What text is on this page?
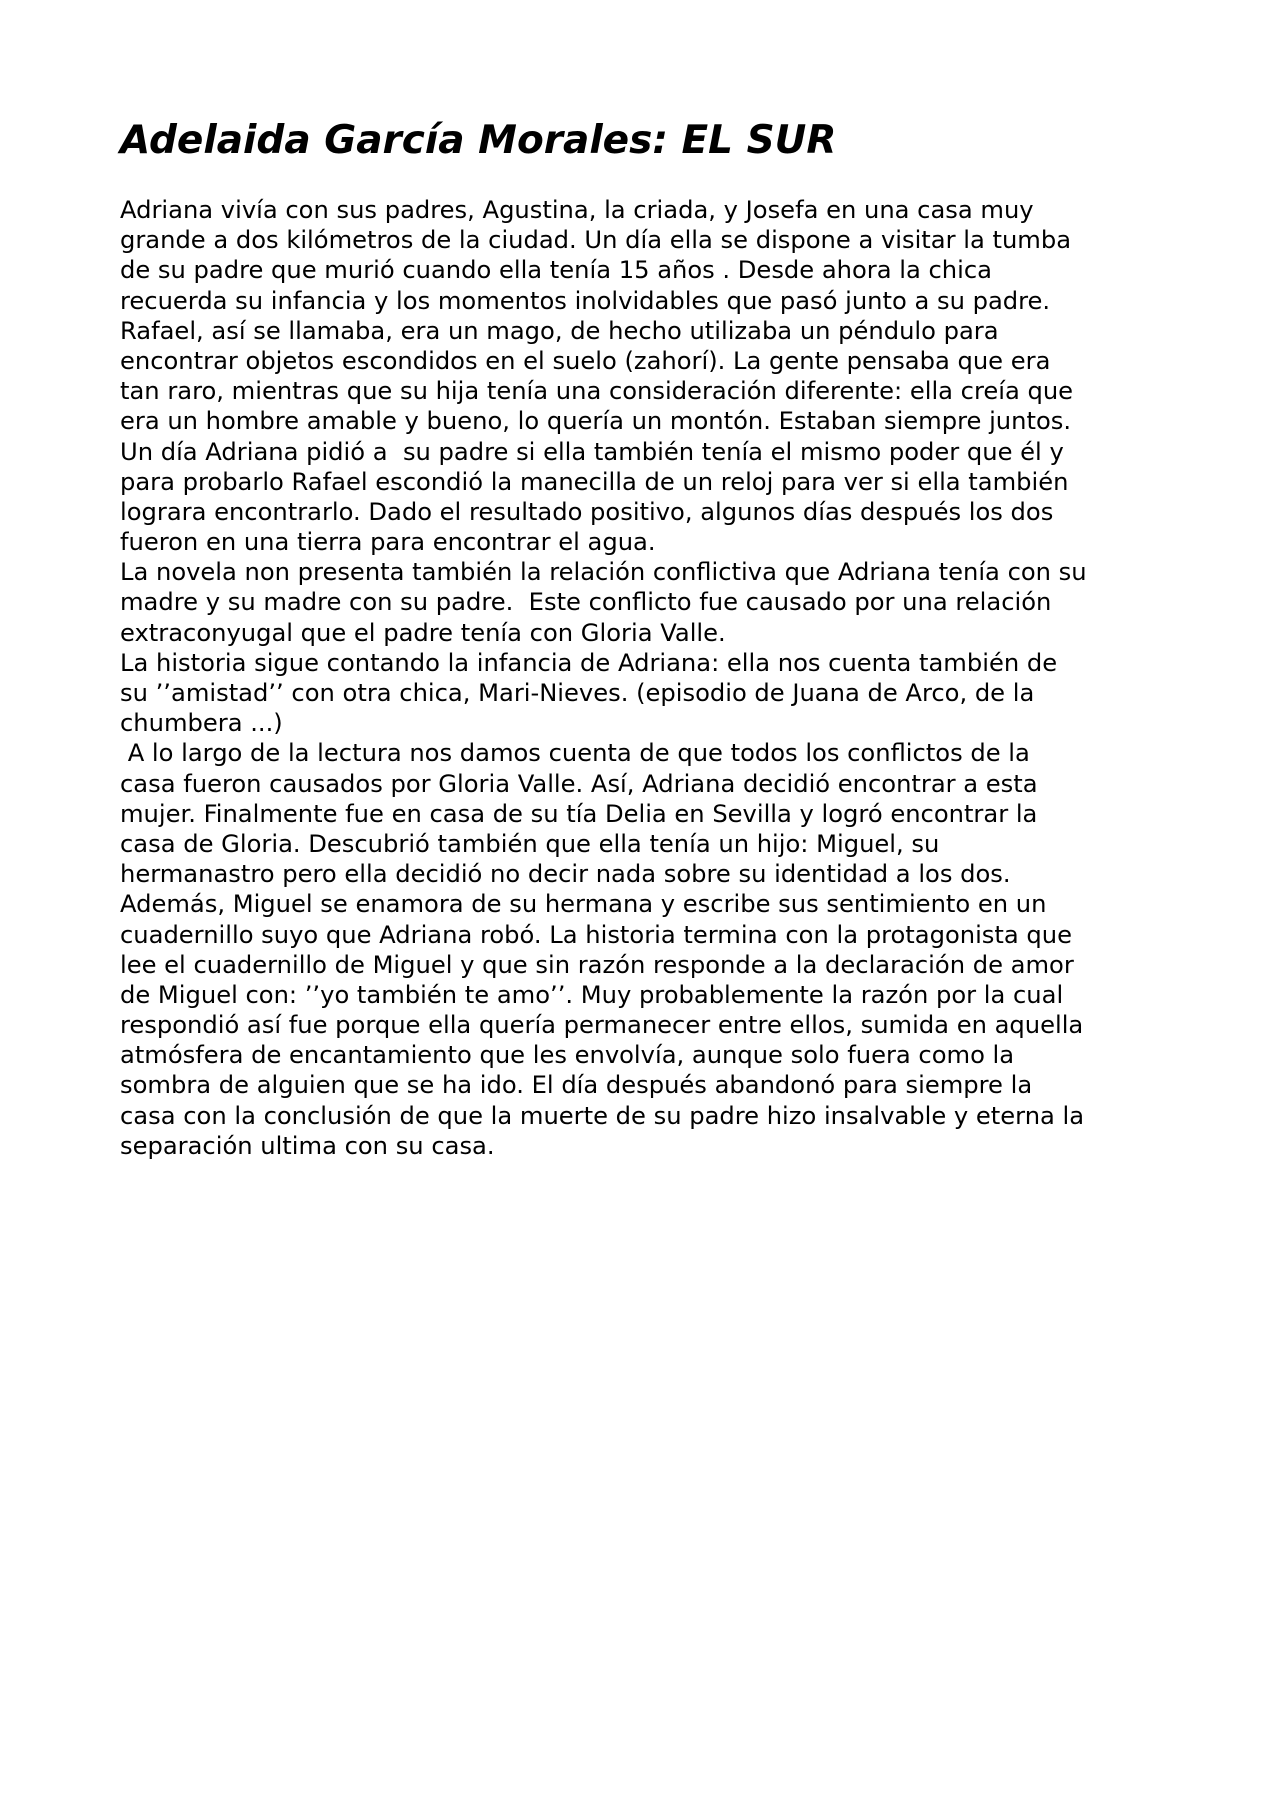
Adelaida García Morales: EL SUR
Adriana vivía con sus padres, Agustina, la criada, y Josefa en una casa muy
grande a dos kilómetros de la ciudad. Un día ella se dispone a visitar la tumba
de su padre que murió cuando ella tenía 15 años . Desde ahora la chica
recuerda su infancia y los momentos inolvidables que pasó junto a su padre.
Rafael, así se llamaba, era un mago, de hecho utilizaba un péndulo para
encontrar objetos escondidos en el suelo (zahorí). La gente pensaba que era
tan raro, mientras que su hija tenía una consideración diferente: ella creía que
era un hombre amable y bueno, lo quería un montón. Estaban siempre juntos.
Un día Adriana pidió a  su padre si ella también tenía el mismo poder que él y
para probarlo Rafael escondió la manecilla de un reloj para ver si ella también
lograra encontrarlo. Dado el resultado positivo, algunos días después los dos
fueron en una tierra para encontrar el agua.
La novela non presenta también la relación conflictiva que Adriana tenía con su
madre y su madre con su padre.  Este conflicto fue causado por una relación
extraconyugal que el padre tenía con Gloria Valle.
La historia sigue contando la infancia de Adriana: ella nos cuenta también de
su ’’amistad’’ con otra chica, Mari-Nieves. (episodio de Juana de Arco, de la
chumbera ...)
A lo largo de la lectura nos damos cuenta de que todos los conflictos de la
casa fueron causados por Gloria Valle. Así, Adriana decidió encontrar a esta
mujer. Finalmente fue en casa de su tía Delia en Sevilla y logró encontrar la
casa de Gloria. Descubrió también que ella tenía un hijo: Miguel, su
hermanastro pero ella decidió no decir nada sobre su identidad a los dos.
Además, Miguel se enamora de su hermana y escribe sus sentimiento en un
cuadernillo suyo que Adriana robó. La historia termina con la protagonista que
lee el cuadernillo de Miguel y que sin razón responde a la declaración de amor
de Miguel con: ’’yo también te amo’’. Muy probablemente la razón por la cual
respondió así fue porque ella quería permanecer entre ellos, sumida en aquella
atmósfera de encantamiento que les envolvía, aunque solo fuera como la
sombra de alguien que se ha ido. El día después abandonó para siempre la
casa con la conclusión de que la muerte de su padre hizo insalvable y eterna la
separación ultima con su casa.
